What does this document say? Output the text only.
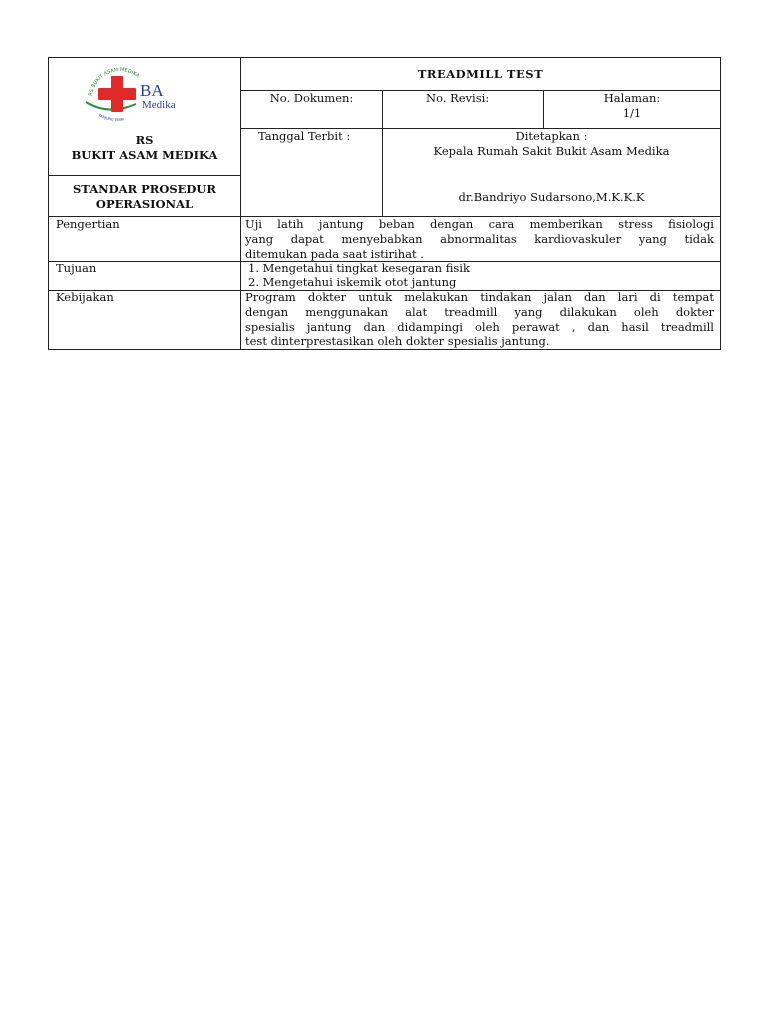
RS BUKIT ASAM MEDIKA
BA
Medika
TANJUNG ENIM
RS
BUKIT ASAM MEDIKA
STANDAR PROSEDUR
OPERASIONAL
TREADMILL TEST
No. Dokumen:	No. Revisi:	Halaman:
1/1
Tanggal Terbit :	Ditetapkan :
Kepala Rumah Sakit Bukit Asam Medika
dr.Bandriyo Sudarsono,M.K.K.K
Pengertian	Uji latih jantung beban dengan cara memberikan stress fisiologi
yang dapat menyebabkan abnormalitas kardiovaskuler yang tidak
ditemukan pada saat istirihat .
Tujuan	1. Mengetahui tingkat kesegaran fisik
2. Mengetahui iskemik otot jantung
Kebijakan	Program dokter untuk melakukan tindakan jalan dan lari di tempat
dengan menggunakan alat treadmill yang dilakukan oleh dokter
spesialis jantung dan didampingi oleh perawat , dan hasil treadmill
test dinterprestasikan oleh dokter spesialis jantung.
